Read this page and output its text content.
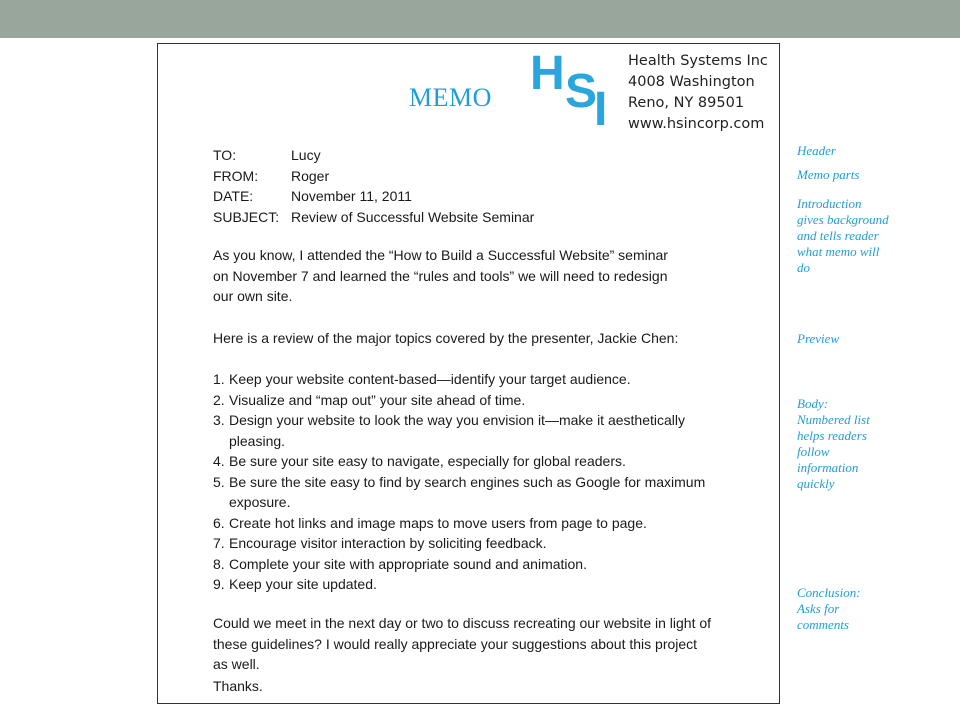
MEMO H S
I
Health Systems Inc
4008 Washington
Reno, NY 89501
www.hsincorp.com
TO:	Lucy
FROM: Roger
DATE:	November 11, 2011
SUBJECT: Review of Successful Website Seminar

As you know, I attended the “How to Build a Successful Website” seminar on November 7 and learned the “rules and tools” we will need to redesign our own site.

Here is a review of the major topics covered by the presenter, Jackie Chen:

1. Keep your website content-based—identify your target audience.
2. Visualize and “map out” your site ahead of time.
3. Design your website to look the way you envision it—make it aesthetically pleasing.
4. Be sure your site easy to navigate, especially for global readers.
5. Be sure the site easy to find by search engines such as Google for maximum exposure.
6. Create hot links and image maps to move users from page to page.
7. Encourage visitor interaction by soliciting feedback.
8. Complete your site with appropriate sound and animation.
9. Keep your site updated.

Could we meet in the next day or two to discuss recreating our website in light of these guidelines? I would really appreciate your suggestions about this project as well.

Thanks.

Header
Memo parts
Introduction gives background and tells reader what memo will do
Preview
Body: Numbered list helps readers follow information quickly
Conclusion: Asks for comments
